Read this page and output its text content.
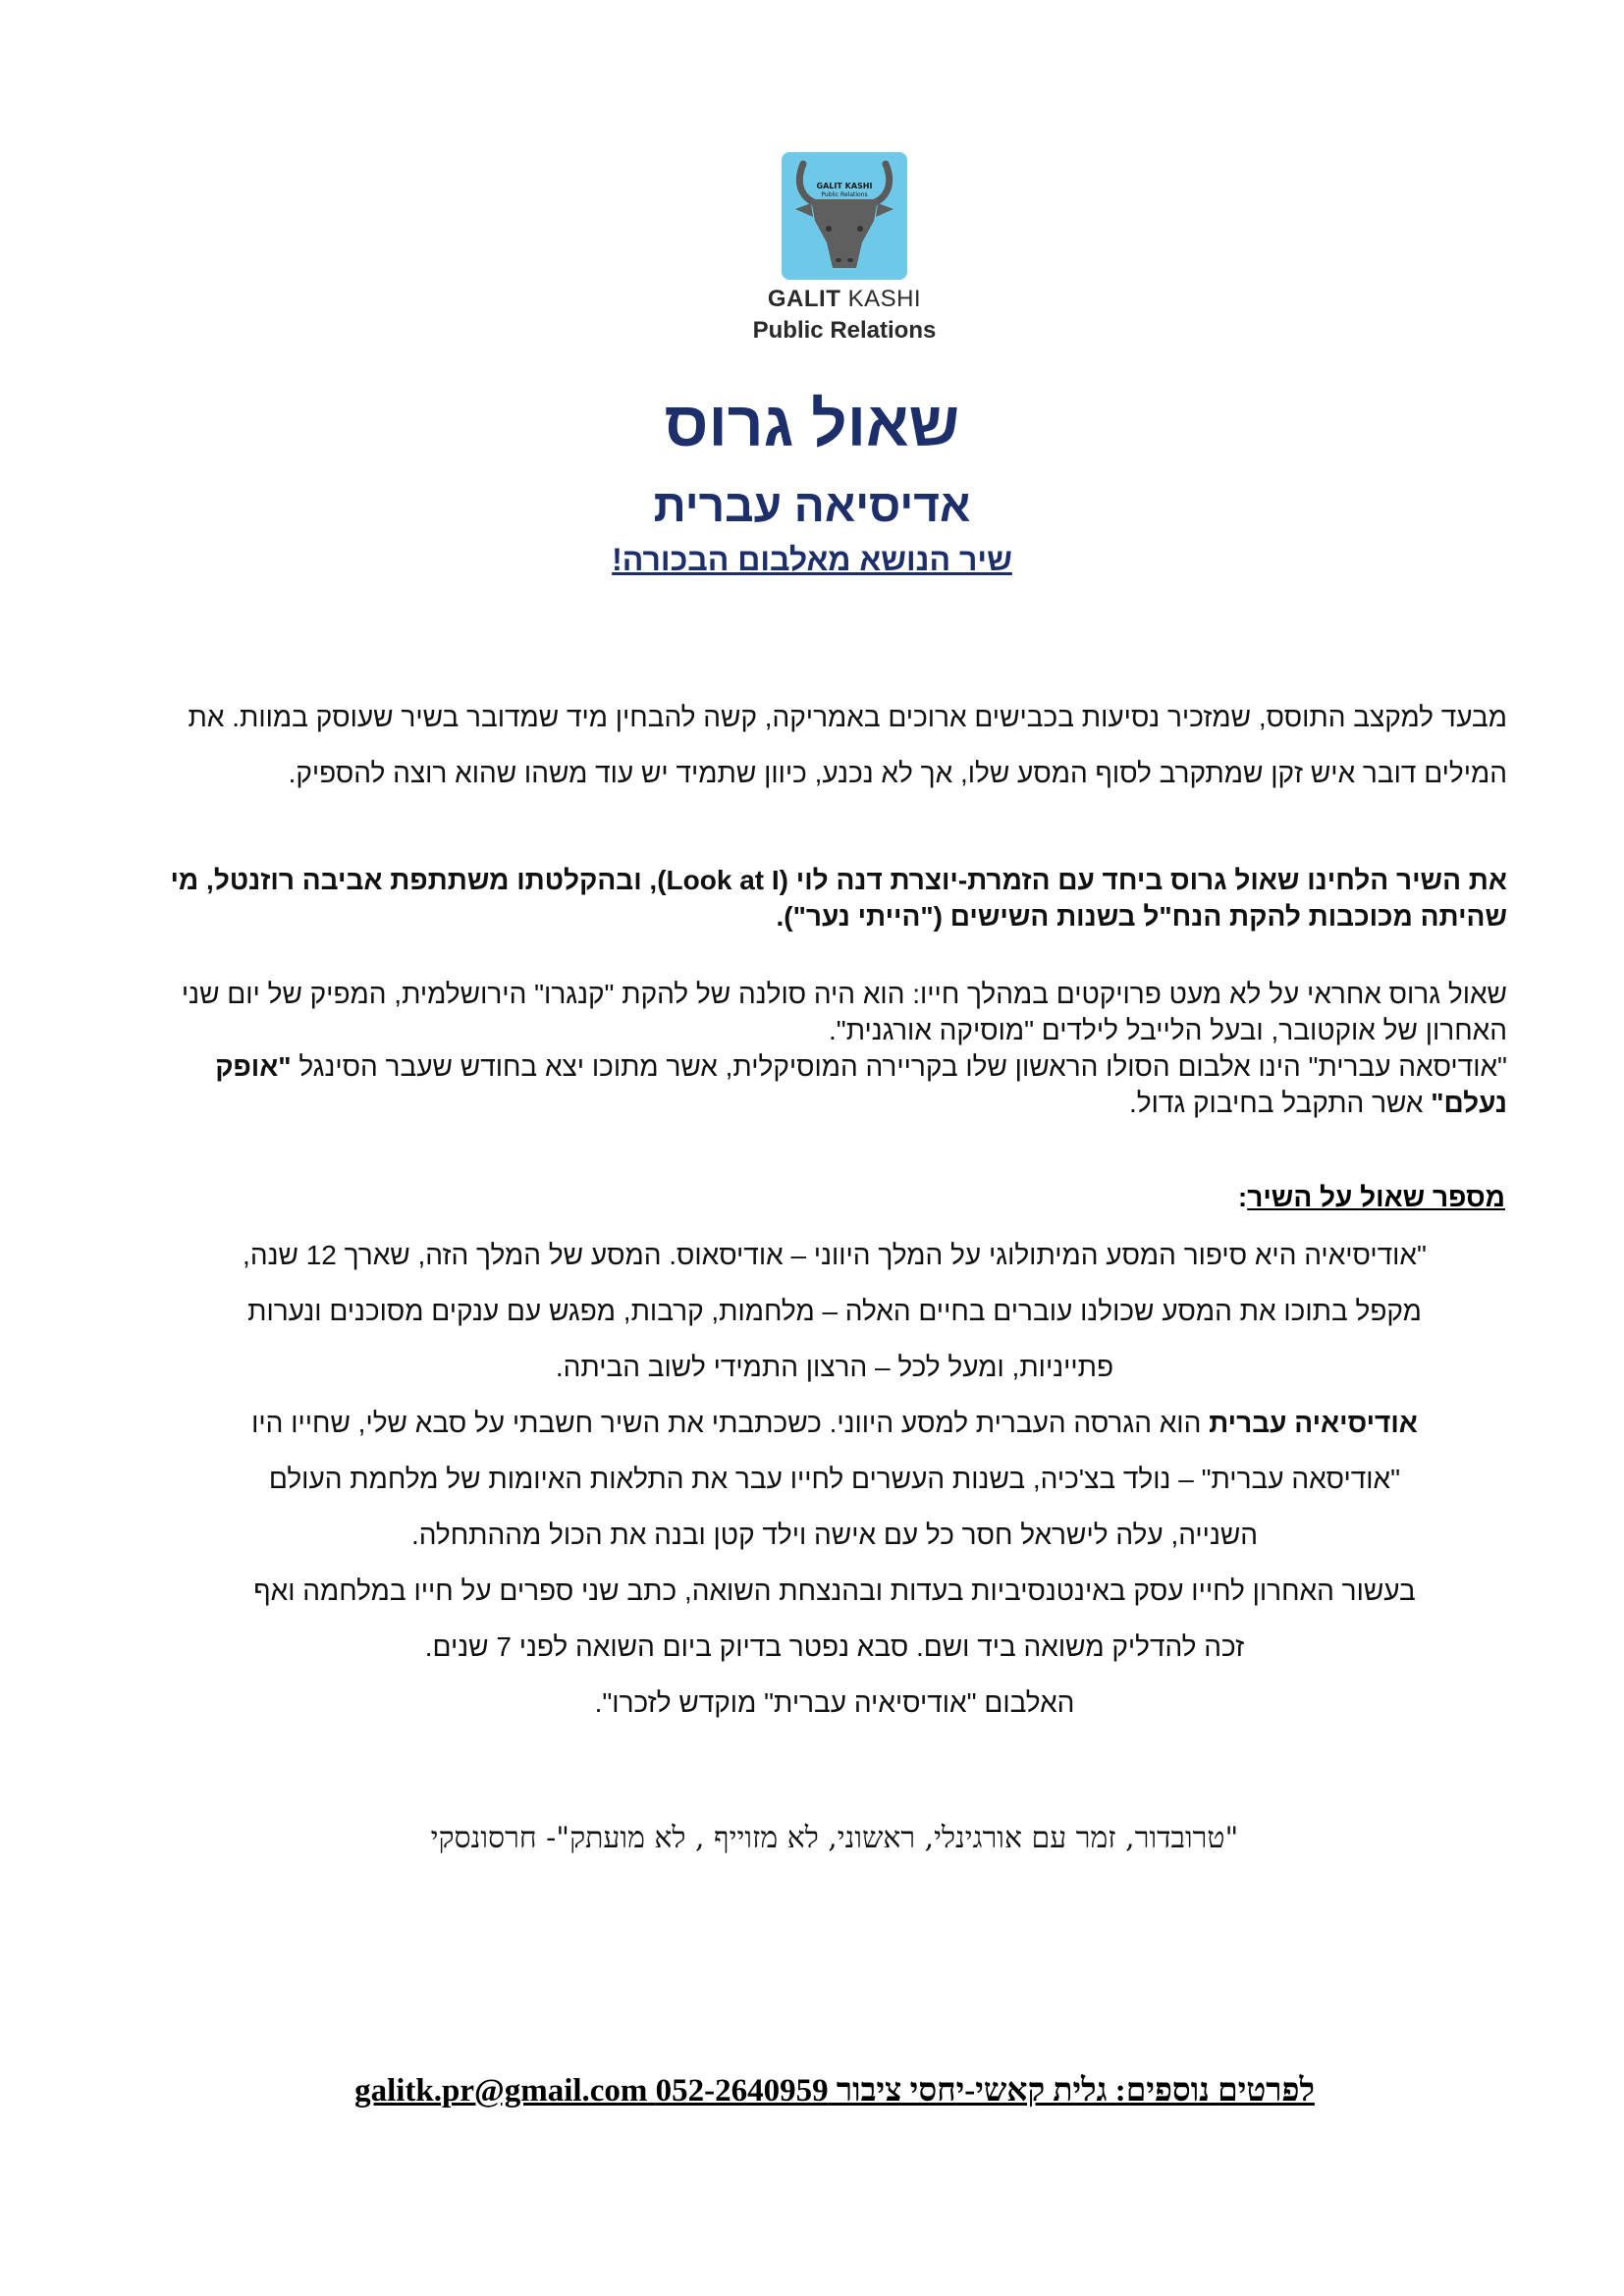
GALIT KASHI
Public Relations
GALIT KASHI
Public Relations
שאול גרוס
אדיסיאה עברית
שיר הנושא מאלבום הבכורה!

מבעד למקצב התוסס, שמזכיר נסיעות בכבישים ארוכים באמריקה, קשה להבחין מיד שמדובר בשיר שעוסק במוות. את המילים דובר איש זקן שמתקרב לסוף המסע שלו, אך לא נכנע, כיוון שתמיד יש עוד משהו שהוא רוצה להספיק.

את השיר הלחינו שאול גרוס ביחד עם הזמרת-יוצרת דנה לוי (Look at I), ובהקלטתו משתתפת אביבה רוזנטל, מי שהיתה מכוכבות להקת הנח"ל בשנות השישים ("הייתי נער").

שאול גרוס אחראי על לא מעט פרויקטים במהלך חייו: הוא היה סולנה של להקת "קנגרו" הירושלמית, המפיק של יום שני האחרון של אוקטובר, ובעל הלייבל לילדים "מוסיקה אורגנית".

"אודיסאה עברית" הינו אלבום הסולו הראשון שלו בקריירה המוסיקלית, אשר מתוכו יצא בחודש שעבר הסינגל "אופק נעלם" אשר התקבל בחיבוק גדול.

מספר שאול על השיר:

"אודיסיאיה היא סיפור המסע המיתולוגי על המלך היווני – אודיסאוס. המסע של המלך הזה, שארך 12 שנה,

מקפל בתוכו את המסע שכולנו עוברים בחיים האלה – מלחמות, קרבות, מפגש עם ענקים מסוכנים ונערות

פתייניות, ומעל לכל – הרצון התמידי לשוב הביתה.

אודיסיאיה עברית הוא הגרסה העברית למסע היווני. כשכתבתי את השיר חשבתי על סבא שלי, שחייו היו

"אודיסאה עברית" – נולד בצ'כיה, בשנות העשרים לחייו עבר את התלאות האיומות של מלחמת העולם

השנייה, עלה לישראל חסר כל עם אישה וילד קטן ובנה את הכול מההתחלה.

בעשור האחרון לחייו עסק באינטנסיביות בעדות ובהנצחת השואה, כתב שני ספרים על חייו במלחמה ואף

זכה להדליק משואה ביד ושם. סבא נפטר בדיוק ביום השואה לפני 7 שנים.

האלבום "אודיסיאיה עברית" מוקדש לזכרו".

"טרובדור, זמר עם אורגינלי, ראשוני, לא מזוייף , לא מועתק"- חרסונסקי
לפרטים נוספים: גלית קאשי-יחסי ציבור 052-2640959 galitk.pr@gmail.com
